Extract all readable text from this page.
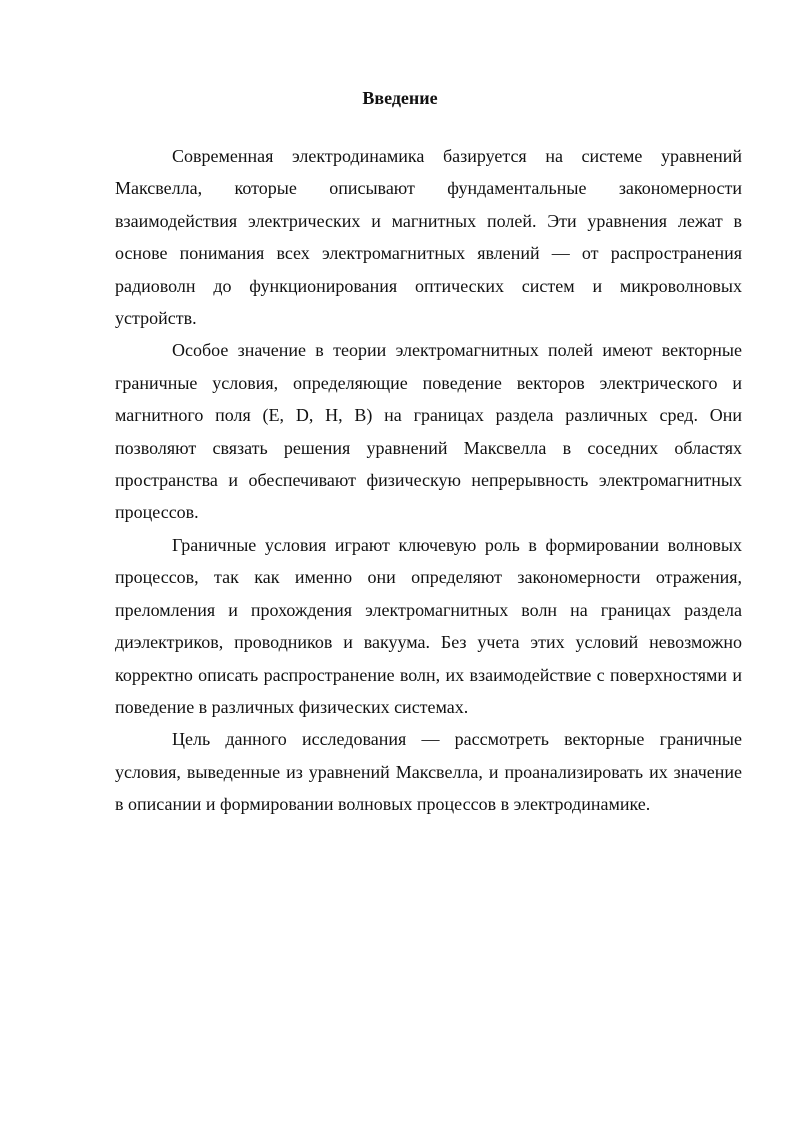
Введение

Современная электродинамика базируется на системе уравнений Максвелла, которые описывают фундаментальные закономерности взаимодействия электрических и магнитных полей. Эти уравнения лежат в основе понимания всех электромагнитных явлений — от распространения радиоволн до функционирования оптических систем и микроволновых устройств.

Особое значение в теории электромагнитных полей имеют векторные граничные условия, определяющие поведение векторов электрического и магнитного поля (E, D, H, B) на границах раздела различных сред. Они позволяют связать решения уравнений Максвелла в соседних областях пространства и обеспечивают физическую непрерывность электромагнитных процессов.

Граничные условия играют ключевую роль в формировании волновых процессов, так как именно они определяют закономерности отражения, преломления и прохождения электромагнитных волн на границах раздела диэлектриков, проводников и вакуума. Без учета этих условий невозможно корректно описать распространение волн, их взаимодействие с поверхностями и поведение в различных физических системах.

Цель данного исследования — рассмотреть векторные граничные условия, выведенные из уравнений Максвелла, и проанализировать их значение в описании и формировании волновых процессов в электродинамике.
